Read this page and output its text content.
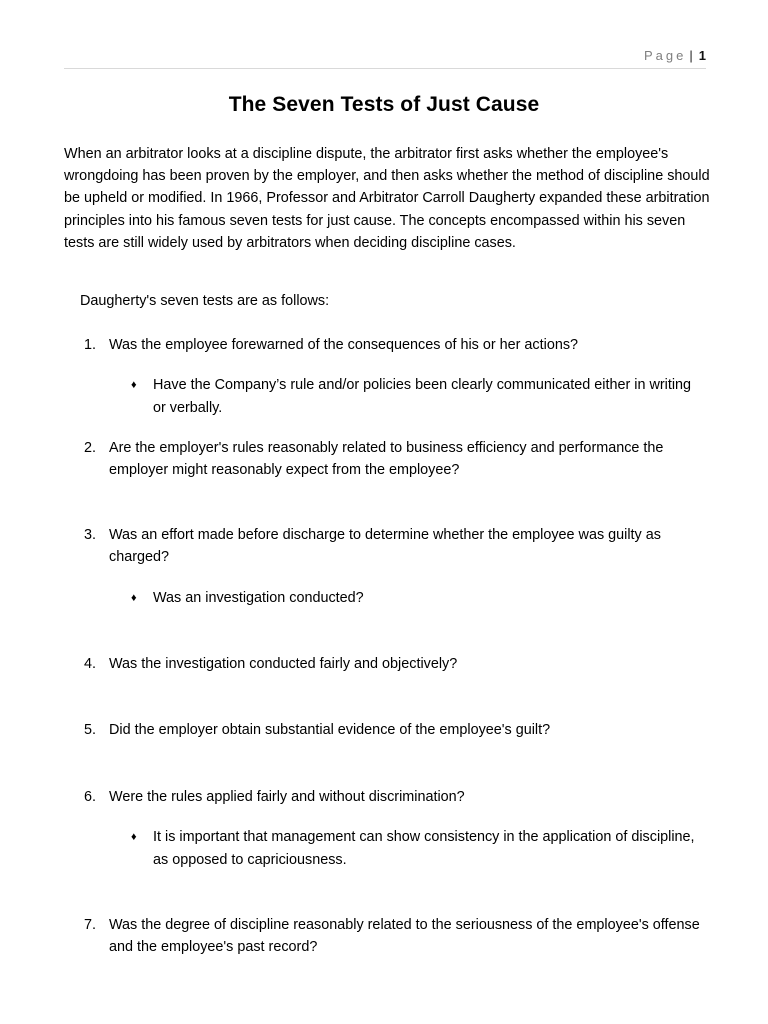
Page | 1
The Seven Tests of Just Cause

When an arbitrator looks at a discipline dispute, the arbitrator first asks whether the employee's wrongdoing has been proven by the employer, and then asks whether the method of discipline should be upheld or modified. In 1966, Professor and Arbitrator Carroll Daugherty expanded these arbitration principles into his famous seven tests for just cause. The concepts encompassed within his seven tests are still widely used by arbitrators when deciding discipline cases.

Daugherty's seven tests are as follows:

1. Was the employee forewarned of the consequences of his or her actions?
♦	Have the Company’s rule and/or policies been clearly communicated either in writing or verbally.
2. Are the employer's rules reasonably related to business efficiency and performance the employer might reasonably expect from the employee?
3. Was an effort made before discharge to determine whether the employee was guilty as charged?
♦	Was an investigation conducted?
4. Was the investigation conducted fairly and objectively?
5. Did the employer obtain substantial evidence of the employee's guilt?
6. Were the rules applied fairly and without discrimination?
♦	It is important that management can show consistency in the application of discipline, as opposed to capriciousness.
7. Was the degree of discipline reasonably related to the seriousness of the employee's offense and the employee's past record?
